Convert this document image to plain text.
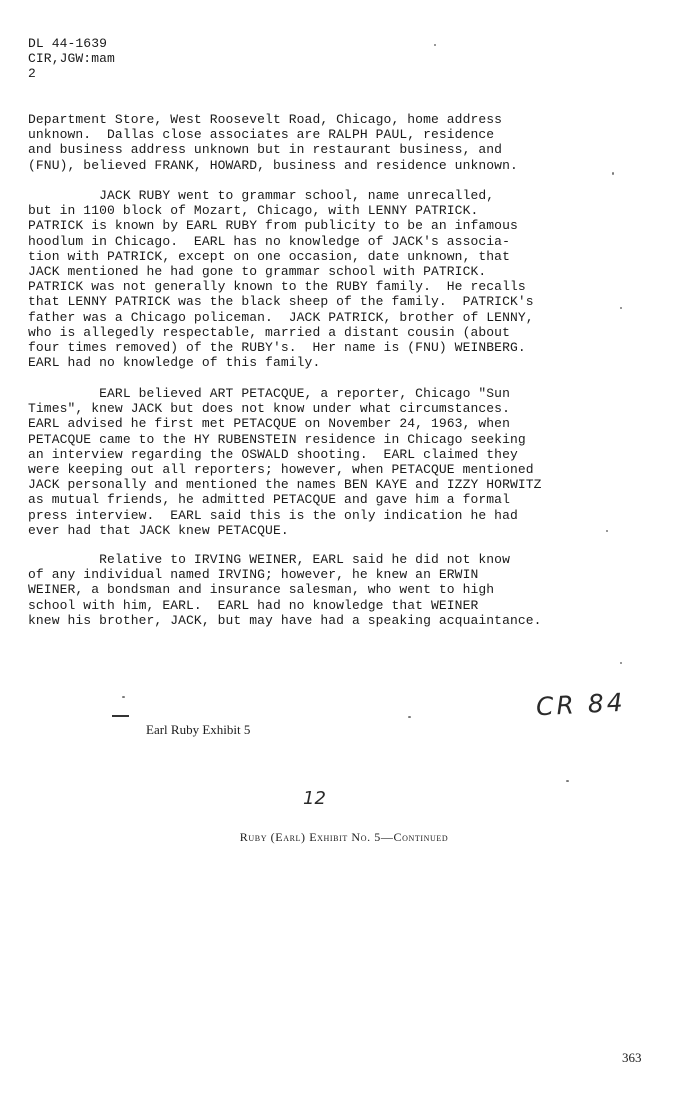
DL 44-1639
CIR,JGW:mam
2
Department Store, West Roosevelt Road, Chicago, home address
unknown.  Dallas close associates are RALPH PAUL, residence
and business address unknown but in restaurant business, and
(FNU), believed FRANK, HOWARD, business and residence unknown.
JACK RUBY went to grammar school, name unrecalled,
but in 1100 block of Mozart, Chicago, with LENNY PATRICK.
PATRICK is known by EARL RUBY from publicity to be an infamous
hoodlum in Chicago.  EARL has no knowledge of JACK's associa-
tion with PATRICK, except on one occasion, date unknown, that
JACK mentioned he had gone to grammar school with PATRICK.
PATRICK was not generally known to the RUBY family.  He recalls
that LENNY PATRICK was the black sheep of the family.  PATRICK's
father was a Chicago policeman.  JACK PATRICK, brother of LENNY,
who is allegedly respectable, married a distant cousin (about
four times removed) of the RUBY's.  Her name is (FNU) WEINBERG.
EARL had no knowledge of this family.
EARL believed ART PETACQUE, a reporter, Chicago "Sun
Times", knew JACK but does not know under what circumstances.
EARL advised he first met PETACQUE on November 24, 1963, when
PETACQUE came to the HY RUBENSTEIN residence in Chicago seeking
an interview regarding the OSWALD shooting.  EARL claimed they
were keeping out all reporters; however, when PETACQUE mentioned
JACK personally and mentioned the names BEN KAYE and IZZY HORWITZ
as mutual friends, he admitted PETACQUE and gave him a formal
press interview.  EARL said this is the only indication he had
ever had that JACK knew PETACQUE.
Relative to IRVING WEINER, EARL said he did not know
of any individual named IRVING; however, he knew an ERWIN
WEINER, a bondsman and insurance salesman, who went to high
school with him, EARL.  EARL had no knowledge that WEINER
knew his brother, JACK, but may have had a speaking acquaintance.

Earl Ruby Exhibit 5

CR 84
12

Ruby (Earl) Exhibit No. 5—Continued

363
